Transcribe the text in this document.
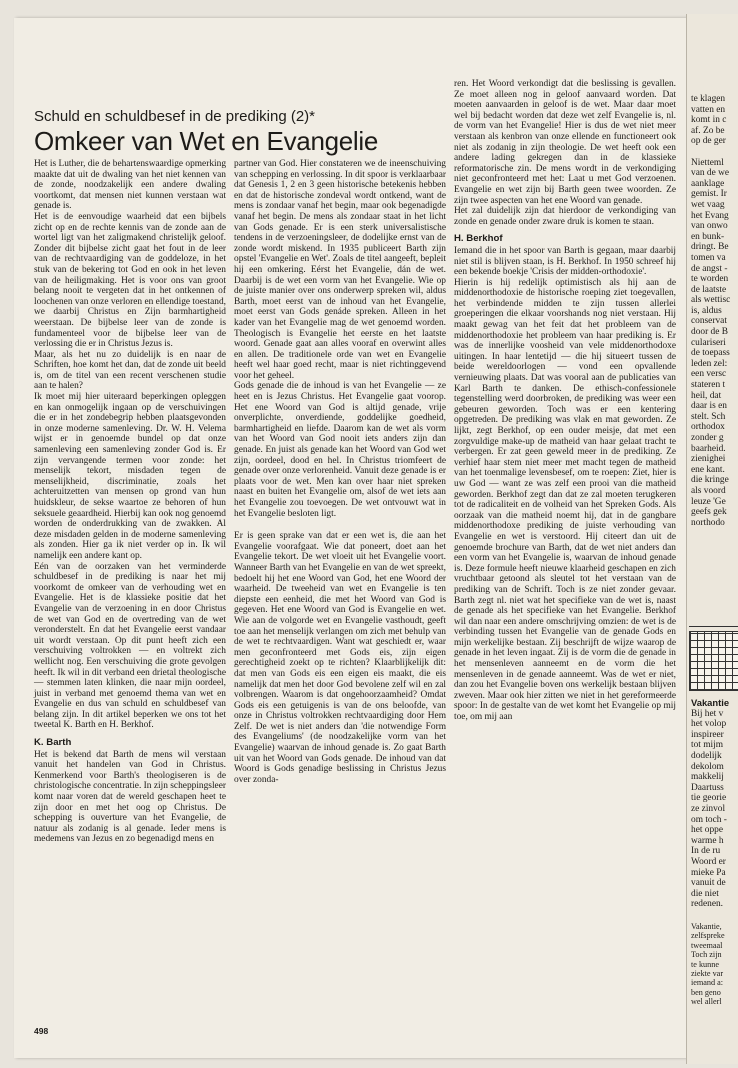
Schuld en schuldbesef in de prediking (2)*
Omkeer van Wet en Evangelie

Het is Luther, die de behartenswaardige opmerking maakte dat uit de dwaling van het niet kennen van de zonde, noodzakelijk een andere dwaling voortkomt, dat mensen niet kunnen verstaan wat genade is.

Het is de eenvoudige waarheid dat een bijbels zicht op en de rechte kennis van de zonde aan de wortel ligt van het zaligmakend christelijk geloof. Zonder dit bijbelse zicht gaat het fout in de leer van de rechtvaardiging van de goddeloze, in het stuk van de bekering tot God en ook in het leven van de heiligmaking. Het is voor ons van groot belang nooit te vergeten dat in het ontkennen of loochenen van onze verloren en ellendige toestand, we daarbij Christus en Zijn barmhartigheid weerstaan. De bijbelse leer van de zonde is fundamenteel voor de bijbelse leer van de verlossing die er in Christus Jezus is.

Maar, als het nu zo duidelijk is en naar de Schriften, hoe komt het dan, dat de zonde uit beeld is, om de titel van een recent verschenen studie aan te halen?

Ik moet mij hier uiteraard beperkingen opleggen en kan onmogelijk ingaan op de verschuivingen die er in het zondebegrip hebben plaatsgevonden in onze moderne samenleving. Dr. W. H. Velema wijst er in genoemde bundel op dat onze samenleving een samenleving zonder God is. Er zijn vervangende termen voor zonde: het menselijk tekort, misdaden tegen de menselijkheid, discriminatie, zoals het achteruitzetten van mensen op grond van hun huidskleur, de sekse waartoe ze behoren of hun seksuele geaardheid. Hierbij kan ook nog genoemd worden de onderdrukking van de zwakken. Al deze misdaden gelden in de moderne samenleving als zonden. Hier ga ik niet verder op in. Ik wil namelijk een andere kant op.

Eén van de oorzaken van het verminderde schuldbesef in de prediking is naar het mij voorkomt de omkeer van de verhouding wet en Evangelie. Het is de klassieke positie dat het Evangelie van de verzoening in en door Christus de wet van God en de overtreding van de wet veronderstelt. En dat het Evangelie eerst vandaar uit wordt verstaan. Op dit punt heeft zich een verschuiving voltrokken — en voltrekt zich wellicht nog. Een verschuiving die grote gevolgen heeft. Ik wil in dit verband een drietal theologische — stemmen laten klinken, die naar mijn oordeel, juist in verband met genoemd thema van wet en Evangelie en dus van schuld en schuldbesef van belang zijn. In dit artikel beperken we ons tot het tweetal K. Barth en H. Berkhof.

K. Barth

Het is bekend dat Barth de mens wil verstaan vanuit het handelen van God in Christus. Kenmerkend voor Barth's theologiseren is de christologische concentratie. In zijn scheppingsleer komt naar voren dat de wereld geschapen heet te zijn door en met het oog op Christus. De schepping is ouverture van het Evangelie, de natuur als zodanig is al genade. Ieder mens is medemens van Jezus en zo begenadigd mens en

partner van God. Hier constateren we de ineenschuiving van schepping en verlossing. In dit spoor is verklaarbaar dat Genesis 1, 2 en 3 geen historische betekenis hebben en dat de historische zondeval wordt ontkend, want de mens is zondaar vanaf het begin, maar ook begenadigde vanaf het begin. De mens als zondaar staat in het licht van Gods genade. Er is een sterk universalistische tendens in de verzoeningsleer, de dodelijke ernst van de zonde wordt miskend. In 1935 publiceert Barth zijn opstel 'Evangelie en Wet'. Zoals de titel aangeeft, bepleit hij een omkering. Eérst het Evangelie, dán de wet. Daarbij is de wet een vorm van het Evangelie. Wie op de juiste manier over ons onderwerp spreken wil, aldus Barth, moet eerst van de inhoud van het Evangelie, moet eerst van Gods genáde spreken. Alleen in het kader van het Evangelie mag de wet genoemd worden. Theologisch is Evangelie het eerste en het laatste woord. Genade gaat aan alles vooraf en overwint alles en allen. De traditionele orde van wet en Evangelie heeft wel haar goed recht, maar is niet richtinggevend voor het geheel.

Gods genade die de inhoud is van het Evangelie — ze heet en is Jezus Christus. Het Evangelie gaat voorop. Het ene Woord van God is altijd genade, vrije onverplichte, onverdiende, goddelijke goedheid, barmhartigheid en liefde. Daarom kan de wet als vorm van het Woord van God nooit iets anders zijn dan genade. En juist als genade kan het Woord van God wet zijn, oordeel, dood en hel. In Christus triomfeert de genade over onze verlorenheid. Vanuit deze genade is er plaats voor de wet. Men kan over haar niet spreken naast en buiten het Evangelie om, alsof de wet iets aan het Evangelie zou toevoegen. De wet ontvouwt wat in het Evangelie besloten ligt.

Er is geen sprake van dat er een wet is, die aan het Evangelie voorafgaat. Wie dat poneert, doet aan het Evangelie tekort. De wet vloeit uit het Evangelie voort. Wanneer Barth van het Evangelie en van de wet spreekt, bedoelt hij het ene Woord van God, het ene Woord der waarheid. De tweeheid van wet en Evangelie is ten diepste een eenheid, die met het Woord van God is gegeven. Het ene Woord van God is Evangelie en wet. Wie aan de volgorde wet en Evangelie vasthoudt, geeft toe aan het menselijk verlangen om zich met behulp van de wet te rechtvaardigen. Want wat geschiedt er, waar men geconfronteerd met Gods eis, zijn eigen gerechtigheid zoekt op te richten? Klaarblijkelijk dit: dat men van Gods eis een eigen eis maakt, die eis namelijk dat men het door God bevolene zelf wil en zal volbrengen. Waarom is dat ongehoorzaamheid? Omdat Gods eis een getuigenis is van de ons beloofde, van onze in Christus voltrokken rechtvaardiging door Hem Zelf. De wet is niet anders dan 'die notwendige Form des Evangeliums' (de noodzakelijke vorm van het Evangelie) waarvan de inhoud genade is. Zo gaat Barth uit van het Woord van Gods genade. De inhoud van dat Woord is Gods genadige beslissing in Christus Jezus over zonda-

ren. Het Woord verkondigt dat die beslissing is gevallen. Ze moet alleen nog in geloof aanvaard worden. Dat moeten aanvaarden in geloof is de wet. Maar daar moet wel bij bedacht worden dat deze wet zelf Evangelie is, nl. de vorm van het Evangelie! Hier is dus de wet niet meer verstaan als kenbron van onze ellende en functioneert ook niet als zodanig in zijn theologie. De wet heeft ook een andere lading gekregen dan in de klassieke reformatorische zin. De mens wordt in de verkondiging niet geconfronteerd met het: Laat u met God verzoenen. Evangelie en wet zijn bij Barth geen twee woorden. Ze zijn twee aspecten van het ene Woord van genade.

Het zal duidelijk zijn dat hierdoor de verkondiging van zonde en genade onder zware druk is komen te staan.

H. Berkhof

Iemand die in het spoor van Barth is gegaan, maar daarbij niet stil is blijven staan, is H. Berkhof. In 1950 schreef hij een bekende boekje 'Crisis der midden-orthodoxie'.

Hierin is hij redelijk optimistisch als hij aan de middenorthodoxie de historische roeping ziet toegevallen, het verbindende midden te zijn tussen allerlei groeperingen die elkaar voorshands nog niet verstaan. Hij maakt gewag van het feit dat het probleem van de middenorthodoxie het probleem van haar prediking is. Er was de innerlijke voosheid van vele middenorthodoxe uitingen. In haar lentetijd — die hij situeert tussen de beide wereldoorlogen — vond een opvallende vernieuwing plaats. Dat was vooral aan de publicaties van Karl Barth te danken. De ethisch-confessionele tegenstelling werd doorbroken, de prediking was weer een gebeuren geworden. Toch was er een kentering opgetreden. De prediking was vlak en mat geworden. Ze lijkt, zegt Berkhof, op een ouder meisje, dat met een zorgvuldige make-up de matheid van haar gelaat tracht te verbergen. Er zat geen geweld meer in de prediking. Ze verhief haar stem niet meer met macht tegen de matheid van het toenmalige levensbesef, om te roepen: Ziet, hier is uw God — want ze was zelf een prooi van die matheid geworden. Berkhof zegt dan dat ze zal moeten terugkeren tot de radicaliteit en de volheid van het Spreken Gods. Als oorzaak van die matheid noemt hij, dat in de gangbare middenorthodoxe prediking de juiste verhouding van Evangelie en wet is verstoord. Hij citeert dan uit de genoemde brochure van Barth, dat de wet niet anders dan een vorm van het Evangelie is, waarvan de inhoud genade is. Deze formule heeft nieuwe klaarheid geschapen en zich vruchtbaar getoond als sleutel tot het verstaan van de prediking van de Schrift. Toch is ze niet zonder gevaar. Barth zegt nl. niet wat het specifieke van de wet is, naast de genade als het specifieke van het Evangelie. Berkhof wil dan naar een andere omschrijving omzien: de wet is de verbinding tussen het Evangelie van de genade Gods en mijn werkelijke bestaan. Zij beschrijft de wijze waarop de genade in het leven ingaat. Zij is de vorm die de genade in het mensenleven aanneemt en de vorm die het mensenleven in de genade aanneemt. Was de wet er niet, dan zou het Evangelie boven ons werkelijk bestaan blijven zweven. Maar ook hier zitten we niet in het gereformeerde spoor: In de gestalte van de wet komt het Evangelie op mij toe, om mij aan

498
te klagen
vatten en
komt in c
af. Zo be
op de ger

Nietteml
van de we
aanklage
gemist. Ir
wet vaag
het Evang
van onwo
en bunk-
dringt. Be
tomen va
de angst -
te worden
de laatste
als wettisc
is, aldus
conservat
door de B
culariseri
de toepass
leden zel:
een versc
stateren t
heil, dat
daar is en
stelt. Sch
orthodox
zonder g
baarheid.
zienighei
ene kant.
die kringe
als voord
leuze 'Ge
geefs gek
northodo
Vakantie
Bij het v
het volop
inspireer
tot mijm
dodelijk
dekolom
makkelij
Daartuss
tie georie
ze zinvol
om toch -
het oppe
warme h
In de ru
Woord er
mieke Pa
vanuit de
die niet
redenen.
Vakantie,
zelfspreke
tweemaal
Toch zijn
te kunne
ziekte var
iemand a:
ben geno
wel allerl
